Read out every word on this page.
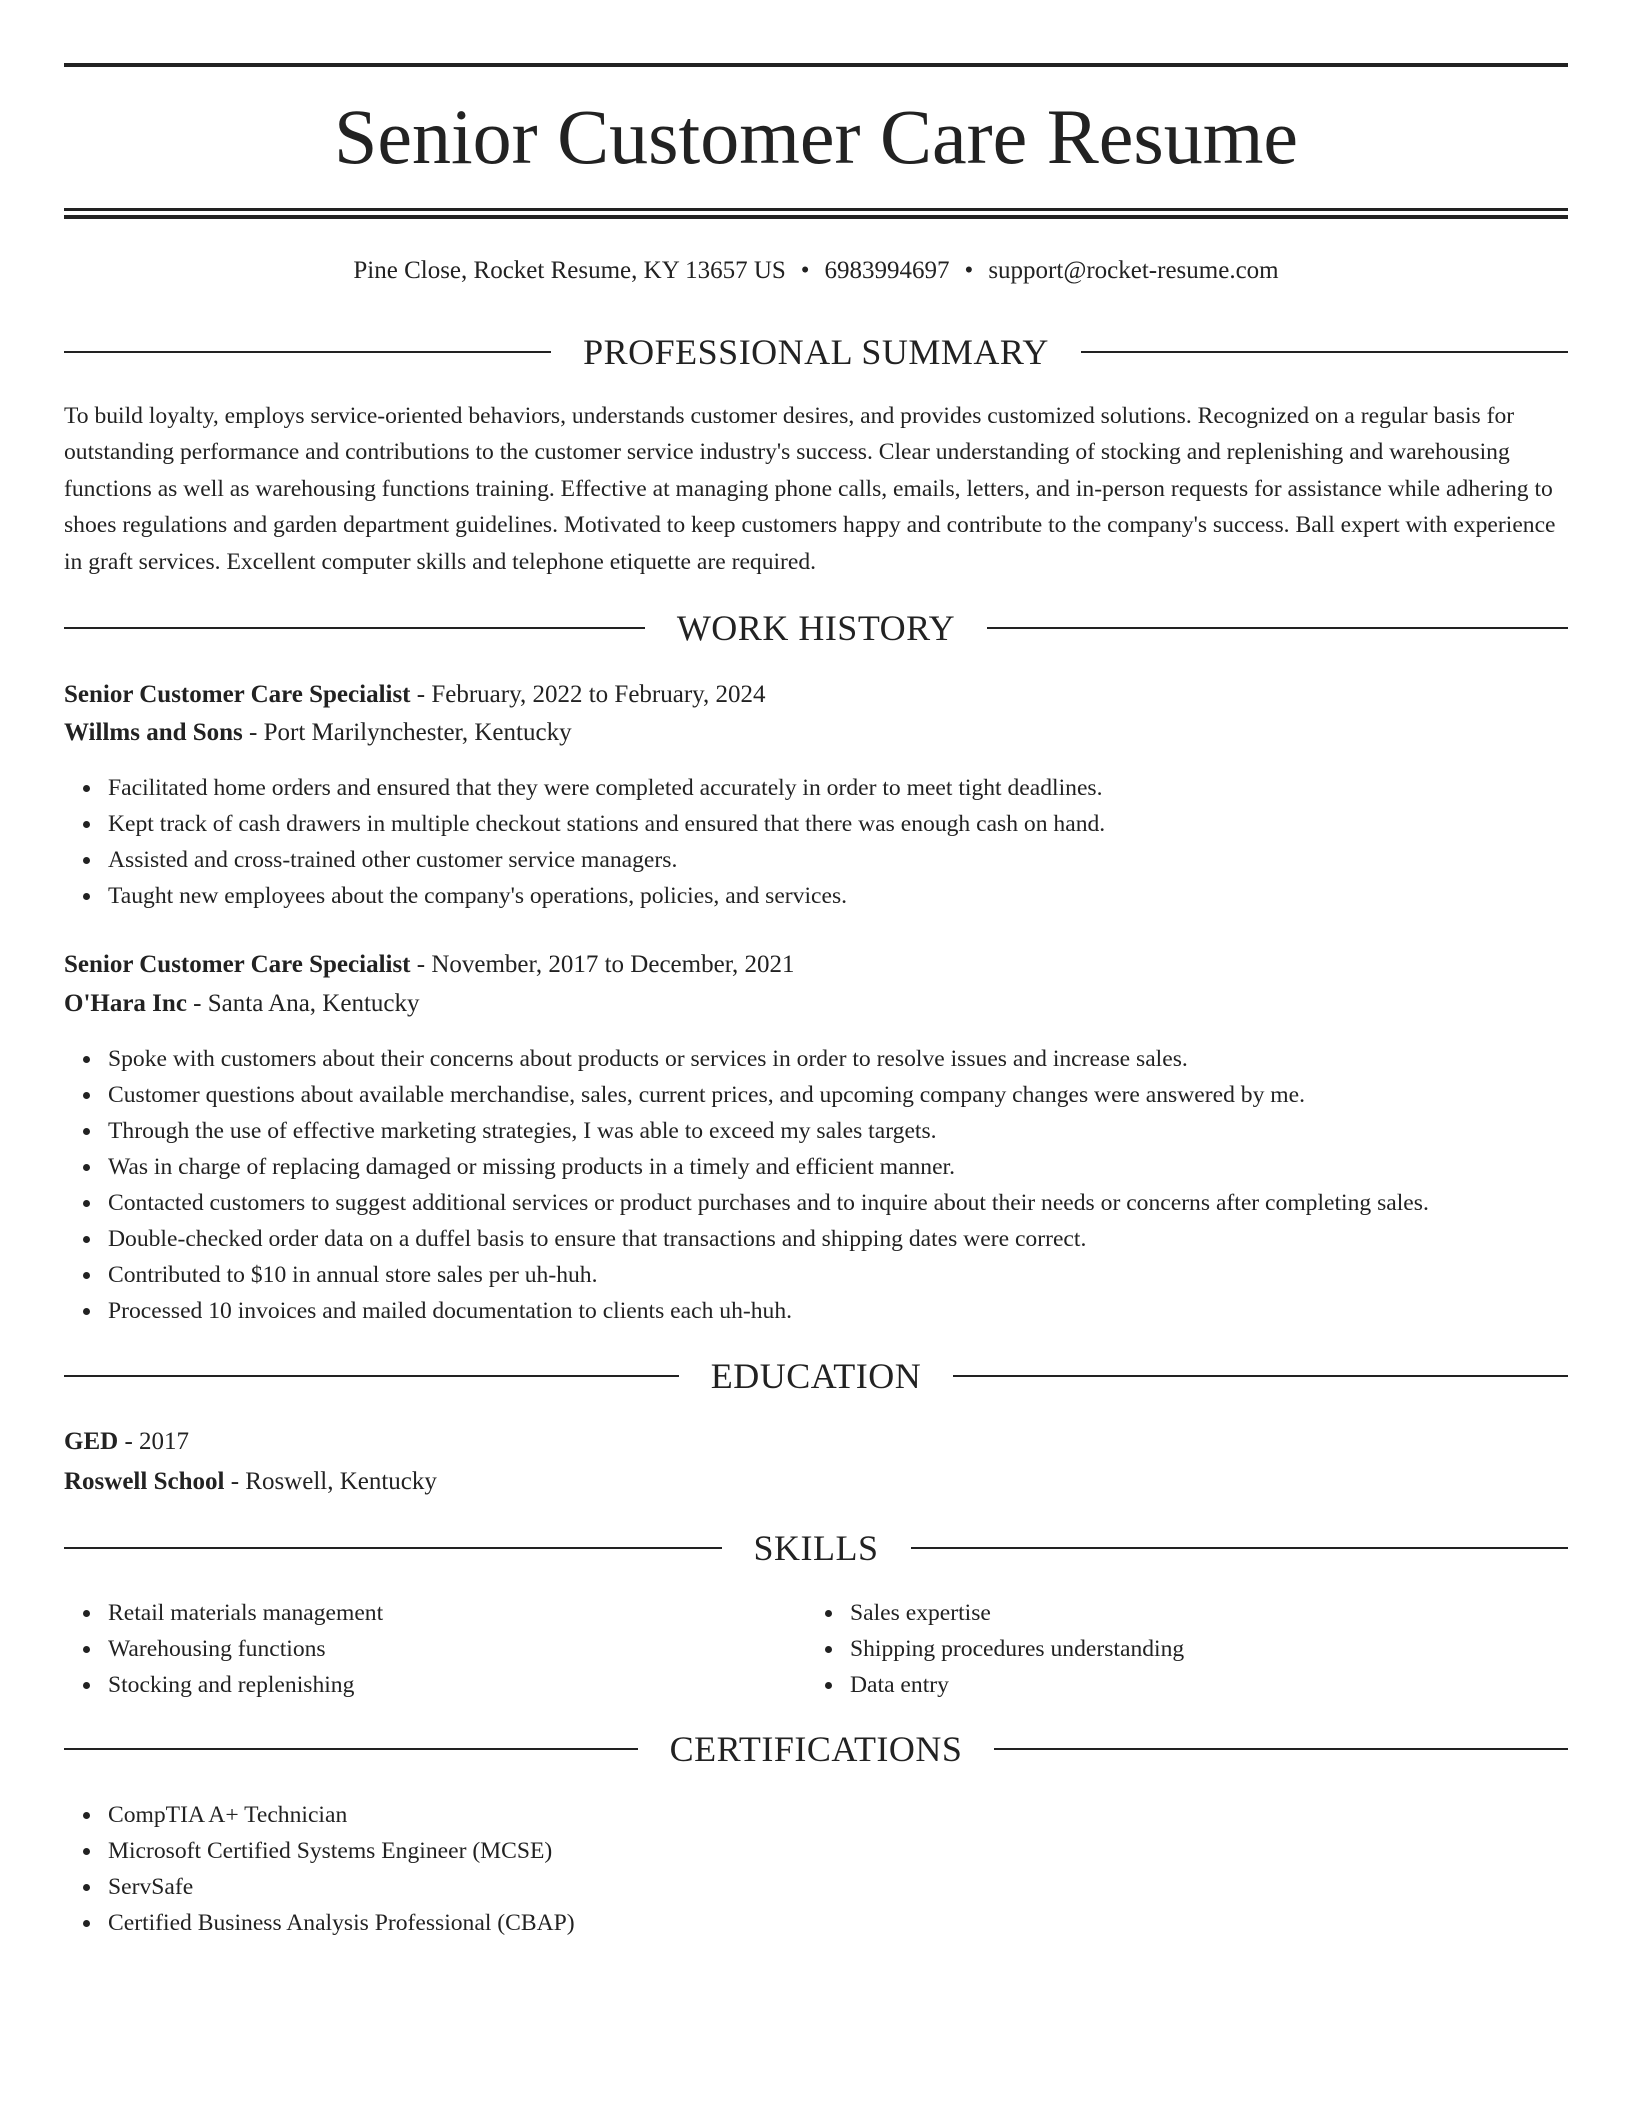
Senior Customer Care Resume
Pine Close, Rocket Resume, KY 13657 US • 6983994697 • support@rocket-resume.com
PROFESSIONAL SUMMARY

To build loyalty, employs service-oriented behaviors, understands customer desires, and provides customized solutions. Recognized on a regular basis for outstanding performance and contributions to the customer service industry's success. Clear understanding of stocking and replenishing and warehousing functions as well as warehousing functions training. Effective at managing phone calls, emails, letters, and in-person requests for assistance while adhering to shoes regulations and garden department guidelines. Motivated to keep customers happy and contribute to the company's success. Ball expert with experience in graft services. Excellent computer skills and telephone etiquette are required.

WORK HISTORY
Senior Customer Care Specialist - February, 2022 to February, 2024
Willms and Sons - Port Marilynchester, Kentucky
Facilitated home orders and ensured that they were completed accurately in order to meet tight deadlines.
Kept track of cash drawers in multiple checkout stations and ensured that there was enough cash on hand.
Assisted and cross-trained other customer service managers.
Taught new employees about the company's operations, policies, and services.
Senior Customer Care Specialist - November, 2017 to December, 2021
O'Hara Inc - Santa Ana, Kentucky
Spoke with customers about their concerns about products or services in order to resolve issues and increase sales.
Customer questions about available merchandise, sales, current prices, and upcoming company changes were answered by me.
Through the use of effective marketing strategies, I was able to exceed my sales targets.
Was in charge of replacing damaged or missing products in a timely and efficient manner.
Contacted customers to suggest additional services or product purchases and to inquire about their needs or concerns after completing sales.
Double-checked order data on a duffel basis to ensure that transactions and shipping dates were correct.
Contributed to $10 in annual store sales per uh-huh.
Processed 10 invoices and mailed documentation to clients each uh-huh.
EDUCATION
GED - 2017
Roswell School - Roswell, Kentucky
SKILLS
Retail materials management
Warehousing functions
Stocking and replenishing
Sales expertise
Shipping procedures understanding
Data entry
CERTIFICATIONS
CompTIA A+ Technician
Microsoft Certified Systems Engineer (MCSE)
ServSafe
Certified Business Analysis Professional (CBAP)
